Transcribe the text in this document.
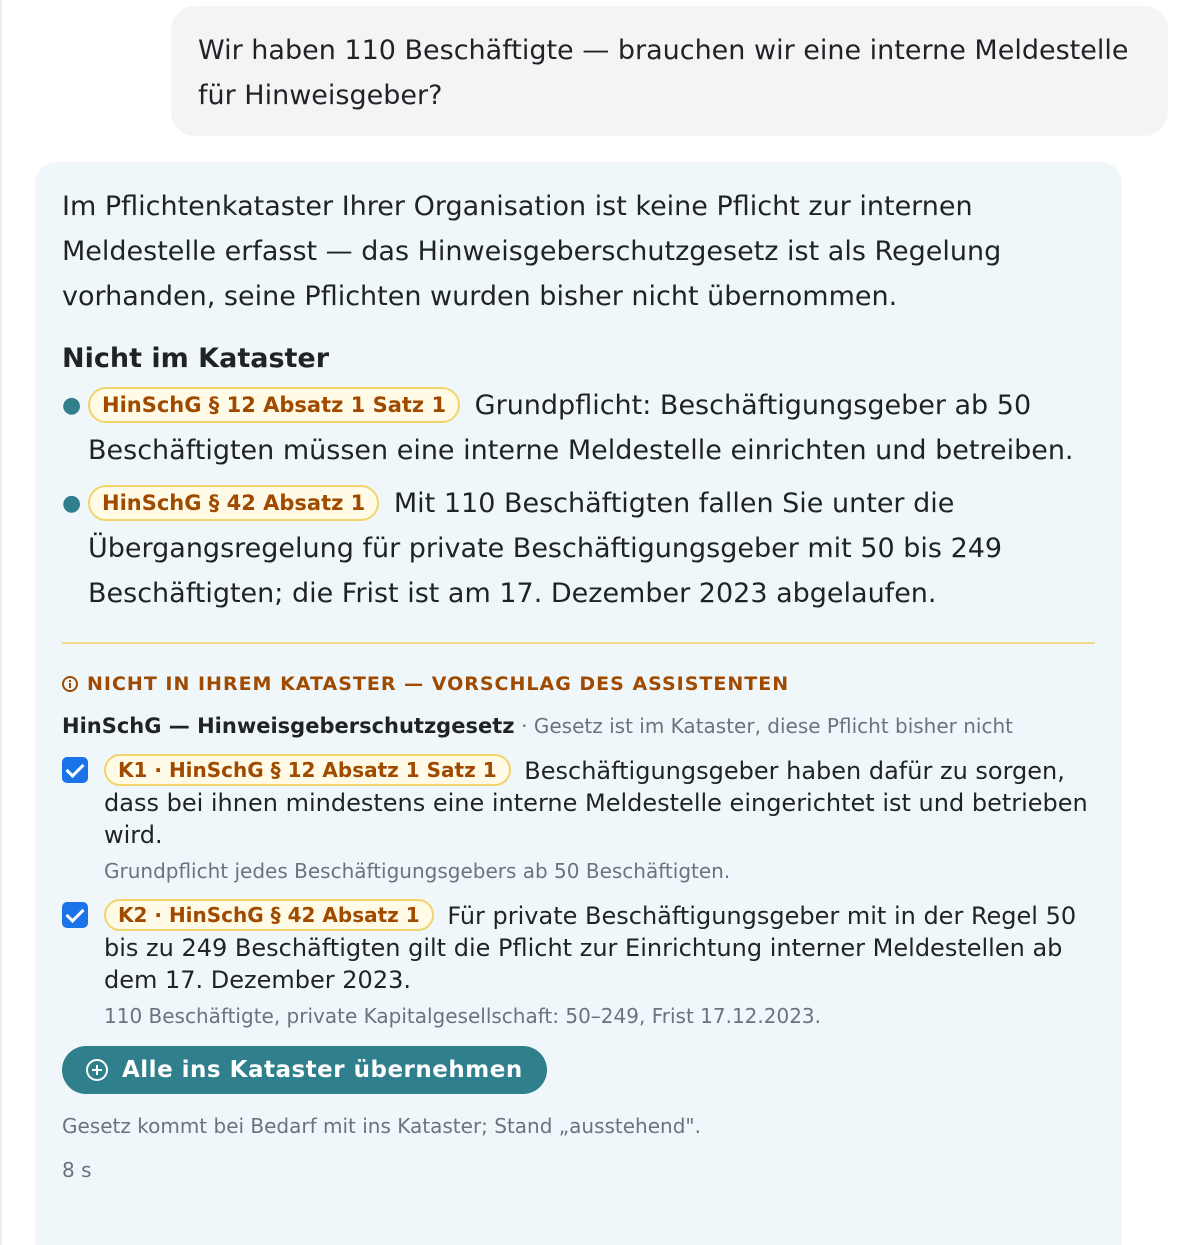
Wir haben 110 Beschäftigte — brauchen wir eine interne Meldestelle für Hinweisgeber?

Im Pflichtenkataster Ihrer Organisation ist keine Pflicht zur internen Meldestelle erfasst — das Hinweisgeberschutzgesetz ist als Regelung vorhanden, seine Pflichten wurden bisher nicht übernommen.

Nicht im Kataster
● HinSchG § 12 Absatz 1 Satz 1 Grundpflicht: Beschäftigungsgeber ab 50 Beschäftigten müssen eine interne Meldestelle einrichten und betreiben.
● HinSchG § 42 Absatz 1 Mit 110 Beschäftigten fallen Sie unter die Übergangsregelung für private Beschäftigungsgeber mit 50 bis 249 Beschäftigten; die Frist ist am 17. Dezember 2023 abgelaufen.
NICHT IN IHREM KATASTER — VORSCHLAG DES ASSISTENTEN
HinSchG — Hinweisgeberschutzgesetz · Gesetz ist im Kataster, diese Pflicht bisher nicht
K1 · HinSchG § 12 Absatz 1 Satz 1 Beschäftigungsgeber haben dafür zu sorgen, dass bei ihnen mindestens eine interne Meldestelle eingerichtet ist und betrieben wird.
Grundpflicht jedes Beschäftigungsgebers ab 50 Beschäftigten.
K2 · HinSchG § 42 Absatz 1 Für private Beschäftigungsgeber mit in der Regel 50 bis zu 249 Beschäftigten gilt die Pflicht zur Einrichtung interner Meldestellen ab dem 17. Dezember 2023.
110 Beschäftigte, private Kapitalgesellschaft: 50–249, Frist 17.12.2023.
Alle ins Kataster übernehmen
Gesetz kommt bei Bedarf mit ins Kataster; Stand „ausstehend".
8 s
